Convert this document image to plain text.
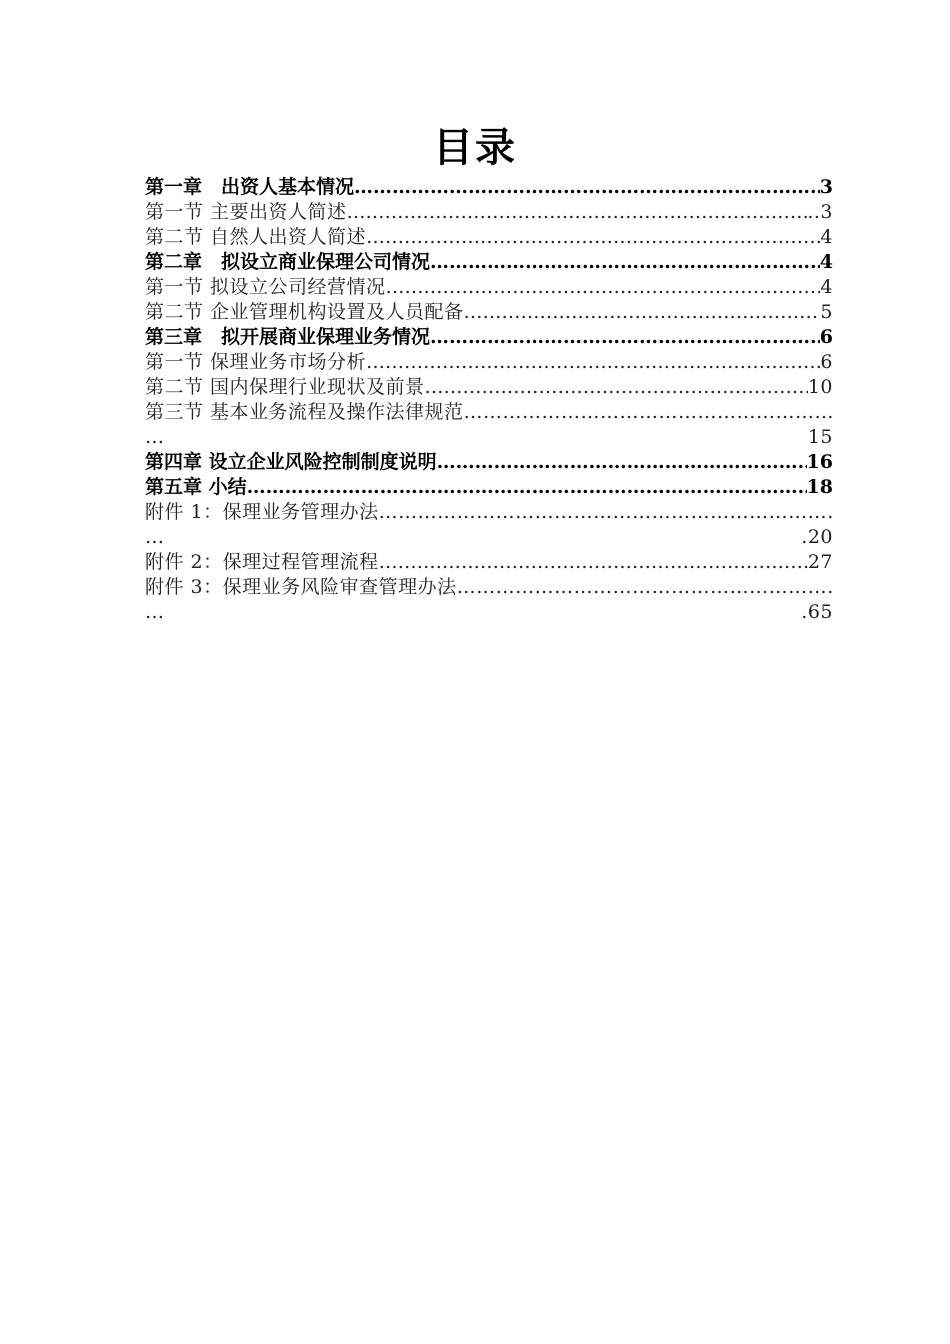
目录
第一章　出资人基本情况 ………………………………………………………………………………………………………………………………………………	3
第一节 主要出资人简述 ………………………………………………………………………………………………………………………………………………	..3
第二节 自然人出资人简述 ………………………………………………………………………………………………………………………………………………	4
第二章　拟设立商业保理公司情况 ………………………………………………………………………………………………………………………………………………	4
第一节 拟设立公司经营情况 ………………………………………………………………………………………………………………………………………………	4
第二节 企业管理机构设置及人员配备 ………………………………………………………………………………………………………………………………………………	5
第三章　拟开展商业保理业务情况 ………………………………………………………………………………………………………………………………………………	6
第一节 保理业务市场分析 ………………………………………………………………………………………………………………………………………………	6
第二节 国内保理行业现状及前景 ………………………………………………………………………………………………………………………………………………	10
第三节 基本业务流程及操作法律规范
………………………………………………………………………………………………………………………………………………
…	15
第四章 设立企业风险控制制度说明 ………………………………………………………………………………………………………………………………………………	16
第五章 小结 ………………………………………………………………………………………………………………………………………………	18
附件 1：保理业务管理办法
………………………………………………………………………………………………………………………………………………
…	.20
附件 2：保理过程管理流程 ………………………………………………………………………………………………………………………………………………	27
附件 3：保理业务风险审查管理办法
………………………………………………………………………………………………………………………………………………
…	.65
